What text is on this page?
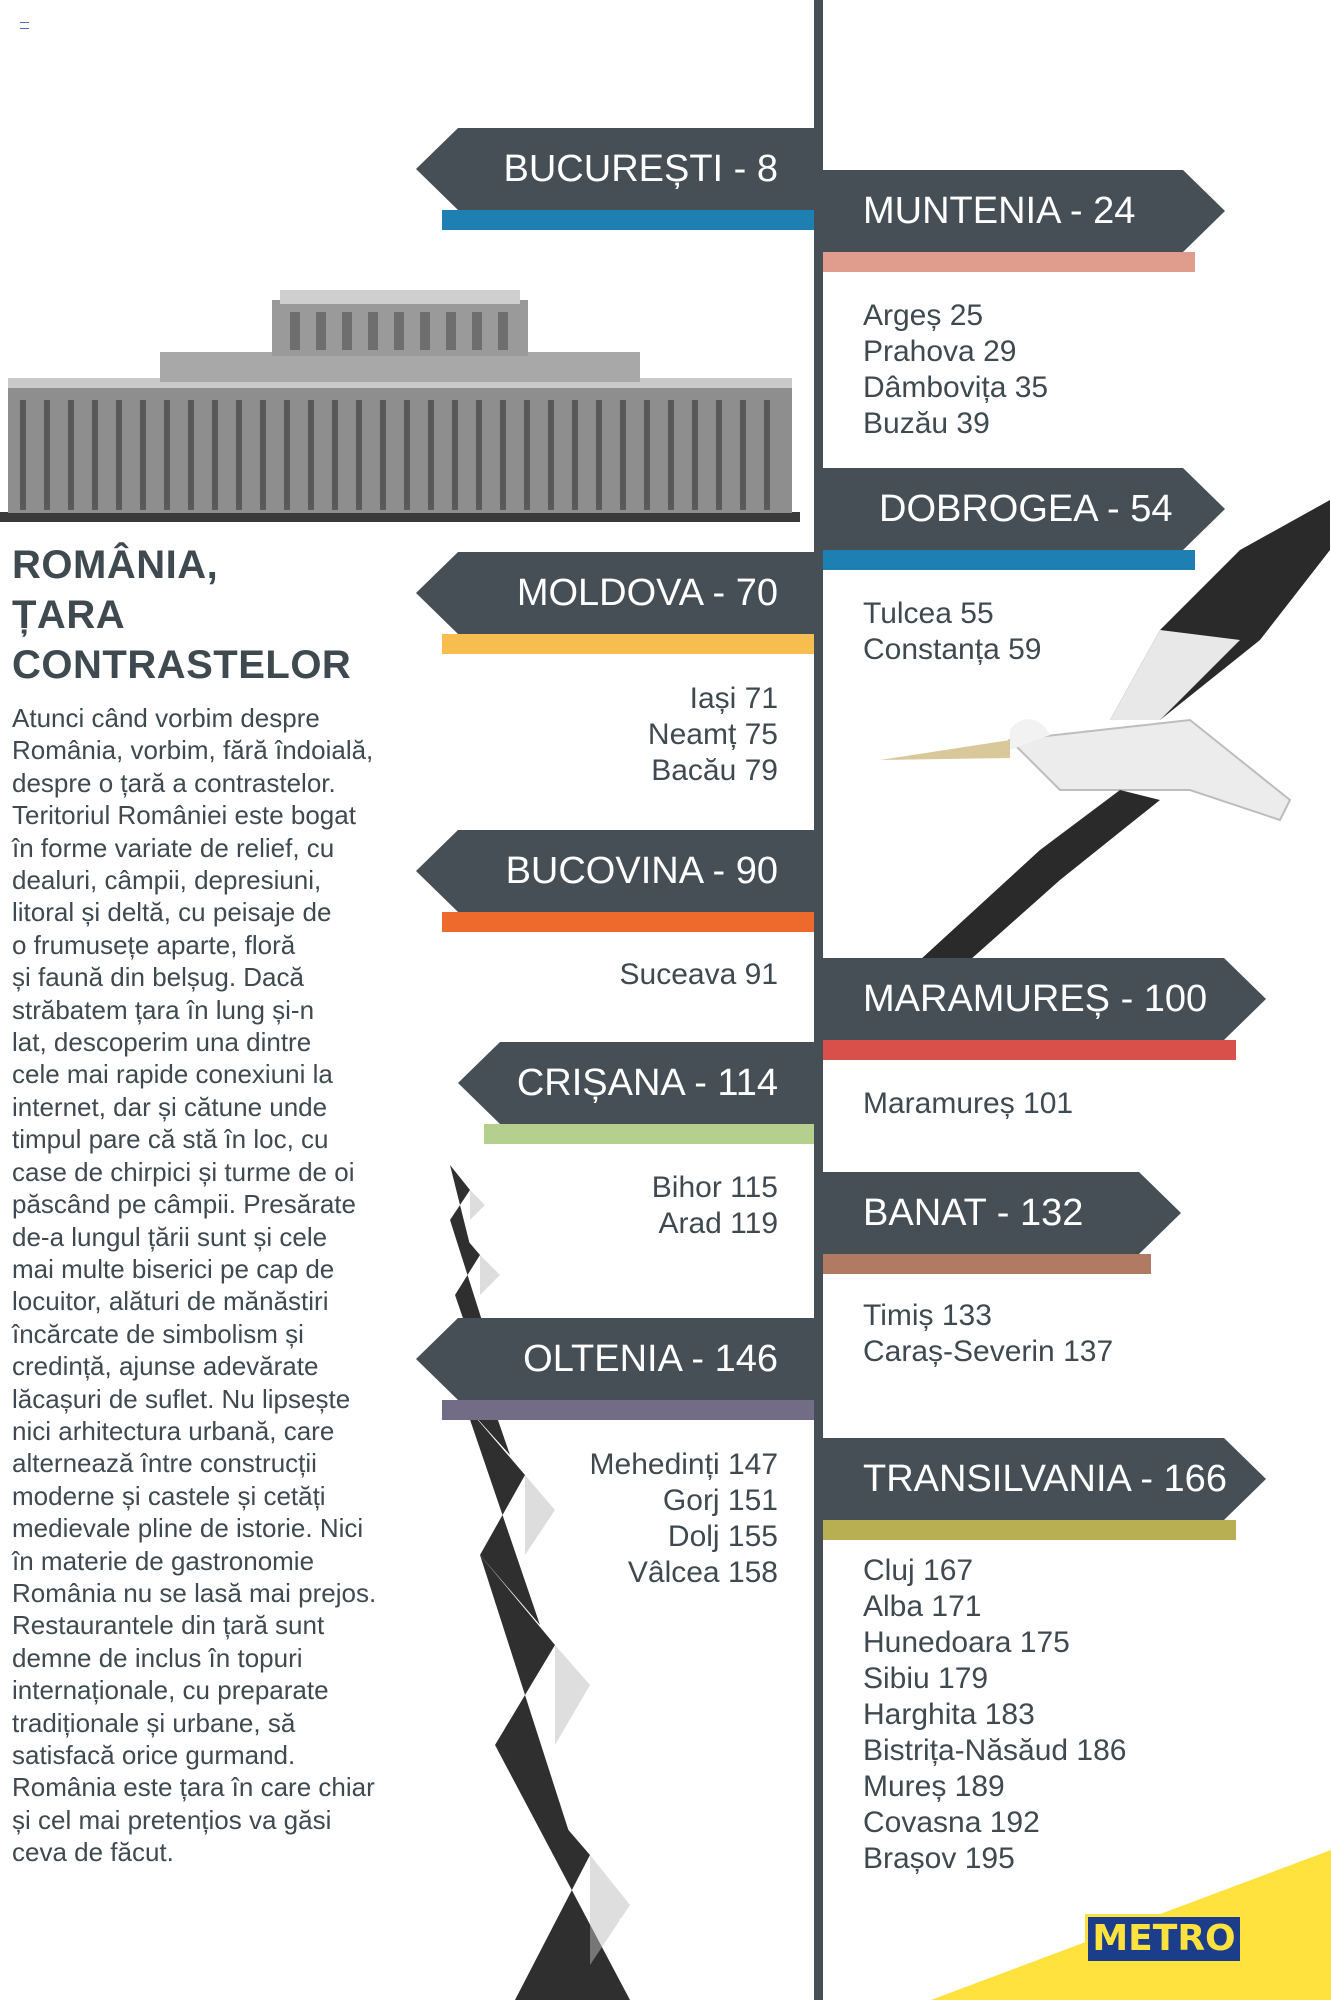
BUCUREȘTI - 8
MUNTENIA - 24
Argeș 25
Prahova 29
Dâmbovița 35
Buzău 39
DOBROGEA - 54
Tulcea 55
Constanța 59
MOLDOVA - 70
Iași 71
Neamț 75
Bacău 79
BUCOVINA - 90
Suceava 91
MARAMUREȘ - 100
Maramureș 101
CRIȘANA - 114
Bihor 115
Arad 119 BANAT - 132
Timiș 133
Caraș-Severin 137
OLTENIA - 146
Mehedinți 147
Gorj 151
Dolj 155
Vâlcea 158
TRANSILVANIA - 166
Cluj 167
Alba 171
Hunedoara 175
Sibiu 179
Harghita 183
Bistrița-Năsăud 186
Mureș 189
Covasna 192
Brașov 195
ROMÂNIA,
ȚARA
CONTRASTELOR
Atunci când vorbim despre
România, vorbim, fără îndoială,
despre o țară a contrastelor.
Teritoriul României este bogat
în forme variate de relief, cu
dealuri, câmpii, depresiuni,
litoral și deltă, cu peisaje de
o frumusețe aparte, floră
și faună din belșug. Dacă
străbatem țara în lung și-n
lat, descoperim una dintre
cele mai rapide conexiuni la
internet, dar și cătune unde
timpul pare că stă în loc, cu
case de chirpici și turme de oi
păscând pe câmpii. Presărate
de-a lungul țării sunt și cele
mai multe biserici pe cap de
locuitor, alături de mănăstiri
încărcate de simbolism și
credință, ajunse adevărate
lăcașuri de suflet. Nu lipsește
nici arhitectura urbană, care
alternează între construcții
moderne și castele și cetăți
medievale pline de istorie. Nici
în materie de gastronomie
România nu se lasă mai prejos.
Restaurantele din țară sunt
demne de inclus în topuri
internaționale, cu preparate
tradiționale și urbane, să
satisfacă orice gurmand.
România este țara în care chiar
și cel mai pretențios va găsi
ceva de făcut.
7	METRO
